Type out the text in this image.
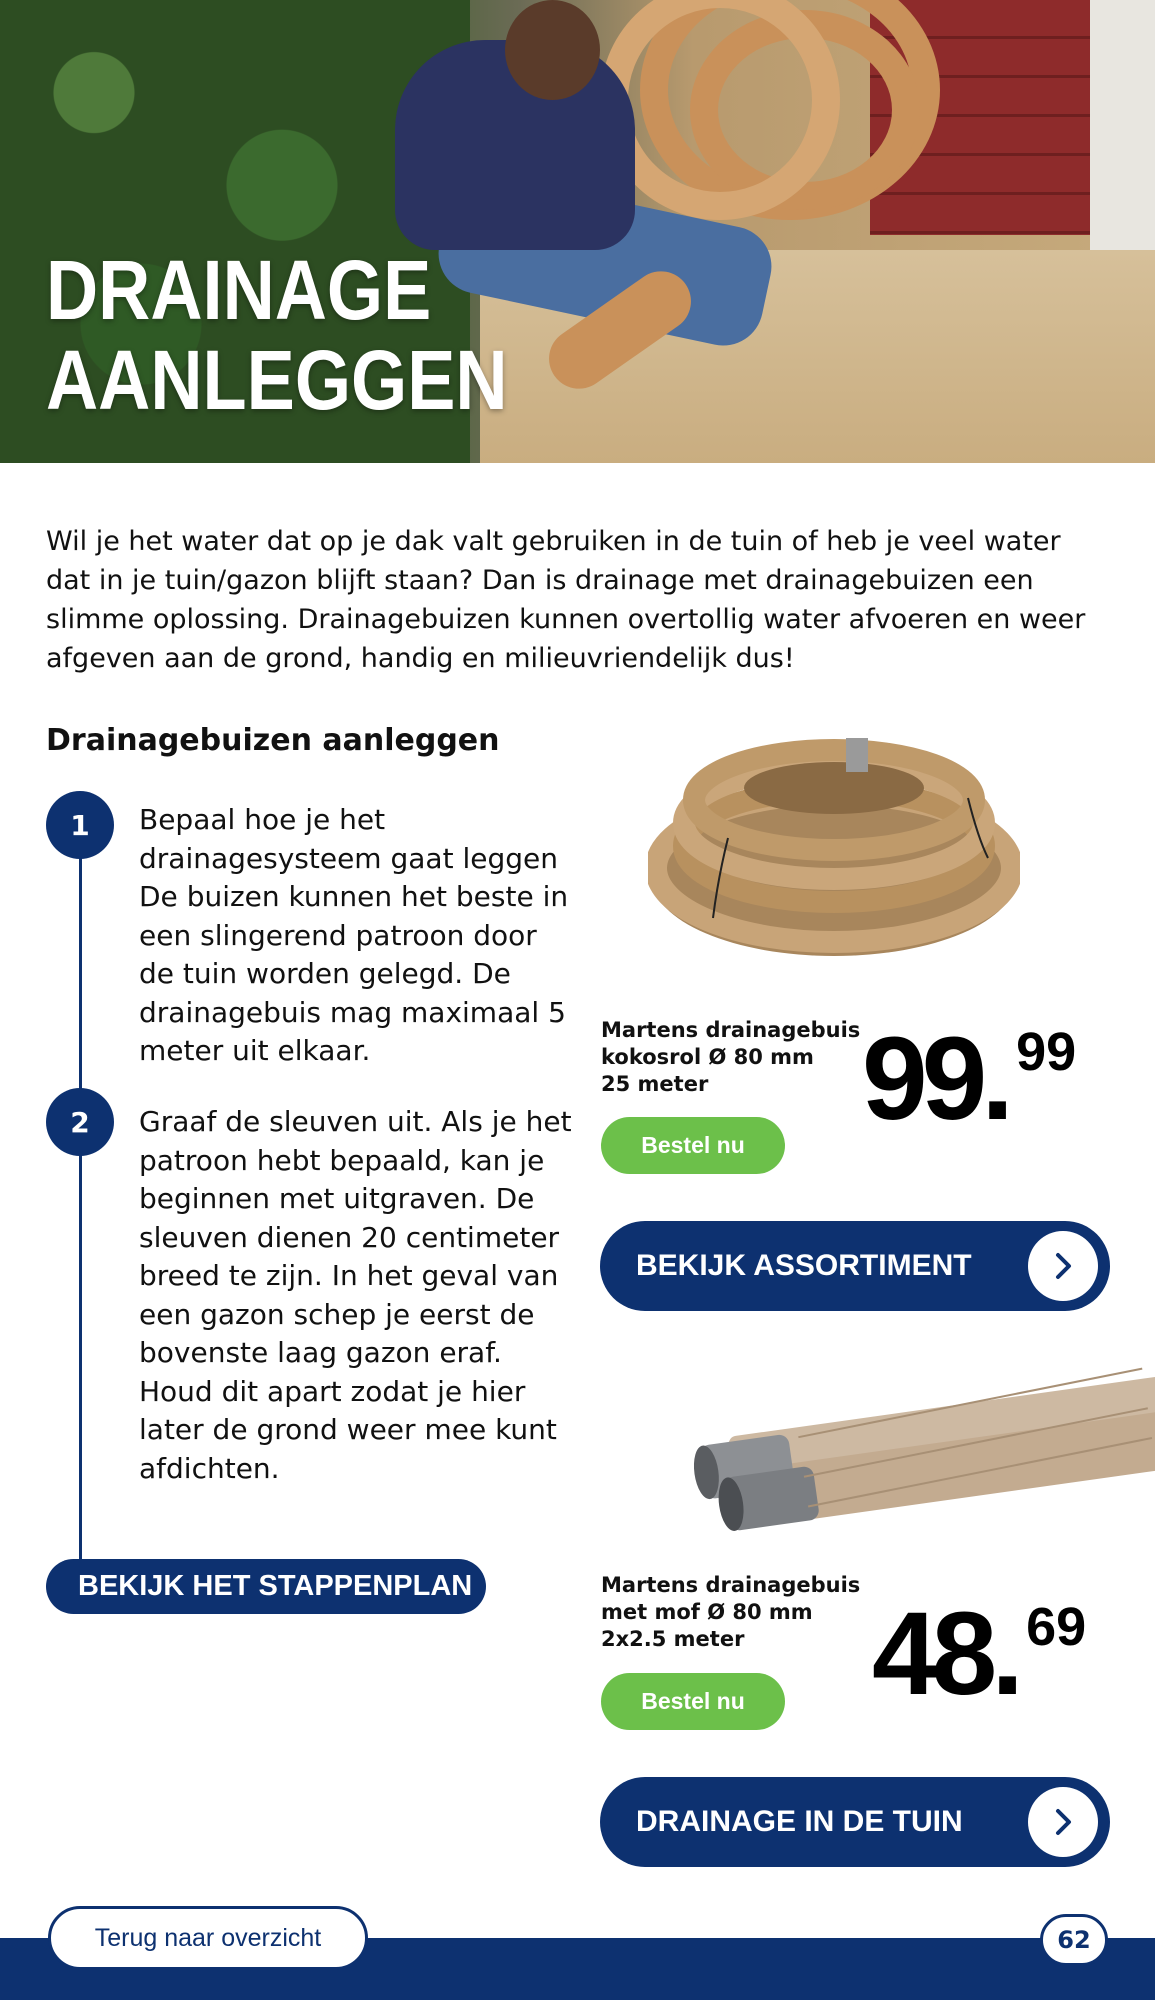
DRAINAGE
AANLEGGEN

Wil je het water dat op je dak valt gebruiken in de tuin of heb je veel water dat in je tuin/gazon blijft staan? Dan is drainage met drainagebuizen een slimme oplossing. Drainagebuizen kunnen overtollig water afvoeren en weer afgeven aan de grond, handig en milieuvriendelijk dus!

Drainagebuizen aanleggen
1	Bepaal hoe je het drainagesysteem gaat leggen De buizen kunnen het beste in een slingerend patroon door de tuin worden gelegd. De drainagebuis mag maximaal 5 meter uit elkaar.

2	Graaf de sleuven uit. Als je het patroon hebt bepaald, kan je beginnen met uitgraven. De sleuven dienen 20 centimeter breed te zijn. In het geval van een gazon schep je eerst de bovenste laag gazon eraf. Houd dit apart zodat je hier later de grond weer mee kunt afdichten.

BEKIJK HET STAPPENPLAN
Martens drainagebuis
kokosrol Ø 80 mm
25 meter	99 . 99
Bestel nu
BEKIJK ASSORTIMENT
Martens drainagebuis
met mof Ø 80 mm
2x2.5 meter	48 . 69
Bestel nu
DRAINAGE IN DE TUIN
Terug naar overzicht	62
